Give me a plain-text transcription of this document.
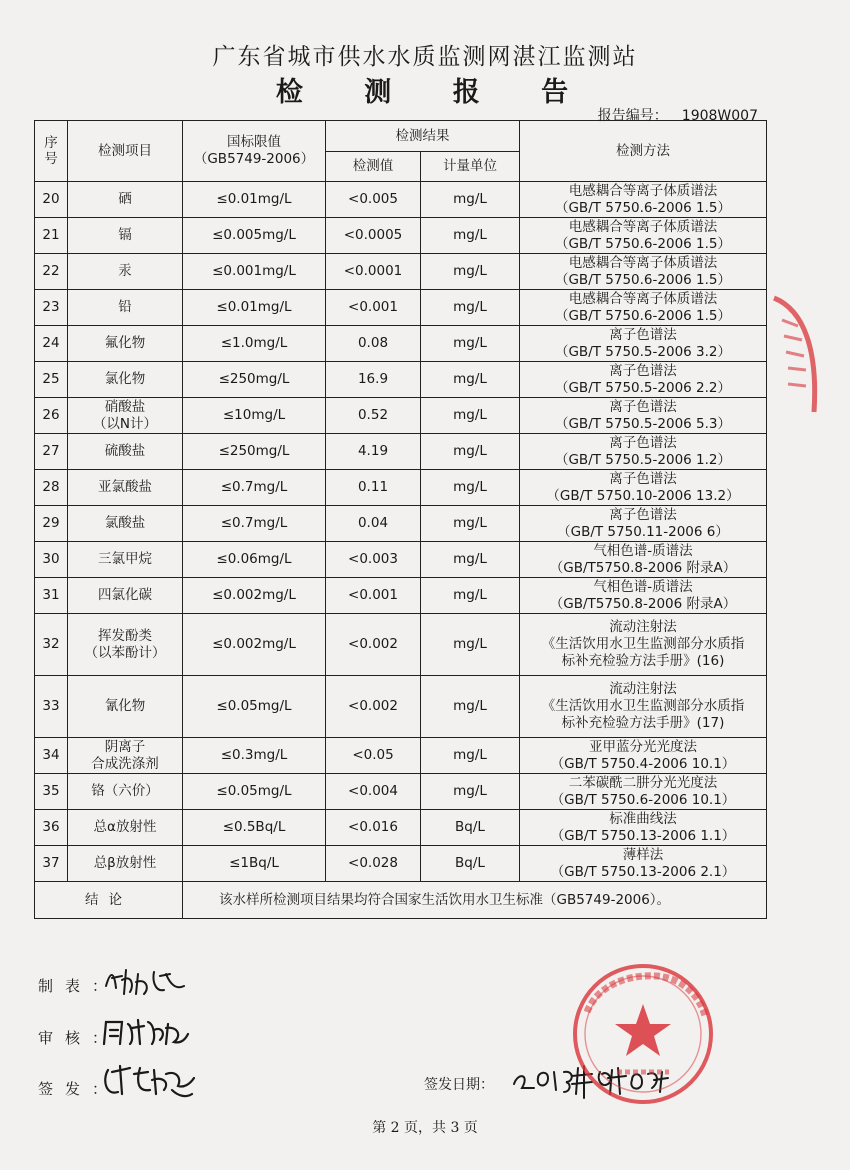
广东省城市供水水质监测网湛江监测站
检 测 报 告
报告编号： 1908W007
序号	检测项目	国标限值
（GB5749-2006）	检测结果		检测方法
			检测值	计量单位	
20	硒	≤0.01mg/L	<0.005	mg/L	电感耦合等离子体质谱法
（GB/T 5750.6-2006 1.5）

21	镉	≤0.005mg/L	<0.0005	mg/L	电感耦合等离子体质谱法
（GB/T 5750.6-2006 1.5）

22	汞	≤0.001mg/L	<0.0001	mg/L	电感耦合等离子体质谱法
（GB/T 5750.6-2006 1.5）

23	铅	≤0.01mg/L	<0.001	mg/L	电感耦合等离子体质谱法
（GB/T 5750.6-2006 1.5）

24	氟化物	≤1.0mg/L	0.08	mg/L	离子色谱法
（GB/T 5750.5-2006 3.2）

25	氯化物	≤250mg/L	16.9	mg/L	离子色谱法
（GB/T 5750.5-2006 2.2）

26	硝酸盐
（以N计）	≤10mg/L	0.52	mg/L	离子色谱法
（GB/T 5750.5-2006 5.3）

27	硫酸盐	≤250mg/L	4.19	mg/L	离子色谱法
（GB/T 5750.5-2006 1.2）

28	亚氯酸盐	≤0.7mg/L	0.11	mg/L	离子色谱法
（GB/T 5750.10-2006 13.2）

29	氯酸盐	≤0.7mg/L	0.04	mg/L	离子色谱法
（GB/T 5750.11-2006 6）

30	三氯甲烷	≤0.06mg/L	<0.003	mg/L	气相色谱-质谱法
（GB/T5750.8-2006 附录A）

31	四氯化碳	≤0.002mg/L	<0.001	mg/L	气相色谱-质谱法
（GB/T5750.8-2006 附录A）

32	挥发酚类
（以苯酚计）	≤0.002mg/L	<0.002	mg/L	流动注射法
《生活饮用水卫生监测部分水质指
标补充检验方法手册》(16)

33	氰化物	≤0.05mg/L	<0.002	mg/L	流动注射法
《生活饮用水卫生监测部分水质指
标补充检验方法手册》(17)

34	阴离子
合成洗涤剂	≤0.3mg/L	<0.05	mg/L	亚甲蓝分光光度法
（GB/T 5750.4-2006 10.1）

35	铬（六价）	≤0.05mg/L	<0.004	mg/L	二苯碳酰二肼分光光度法
（GB/T 5750.6-2006 10.1）

36	总α放射性	≤0.5Bq/L	<0.016	Bq/L	标准曲线法
（GB/T 5750.13-2006 1.1）

37	总β放射性	≤1Bq/L	<0.028	Bq/L	薄样法
（GB/T 5750.13-2006 2.1）

结论		该水样所检测项目结果均符合国家生活饮用水卫生标准（GB5749-2006）。			
制表：
审核：
签发：	签发日期：
第 2 页，共 3 页
